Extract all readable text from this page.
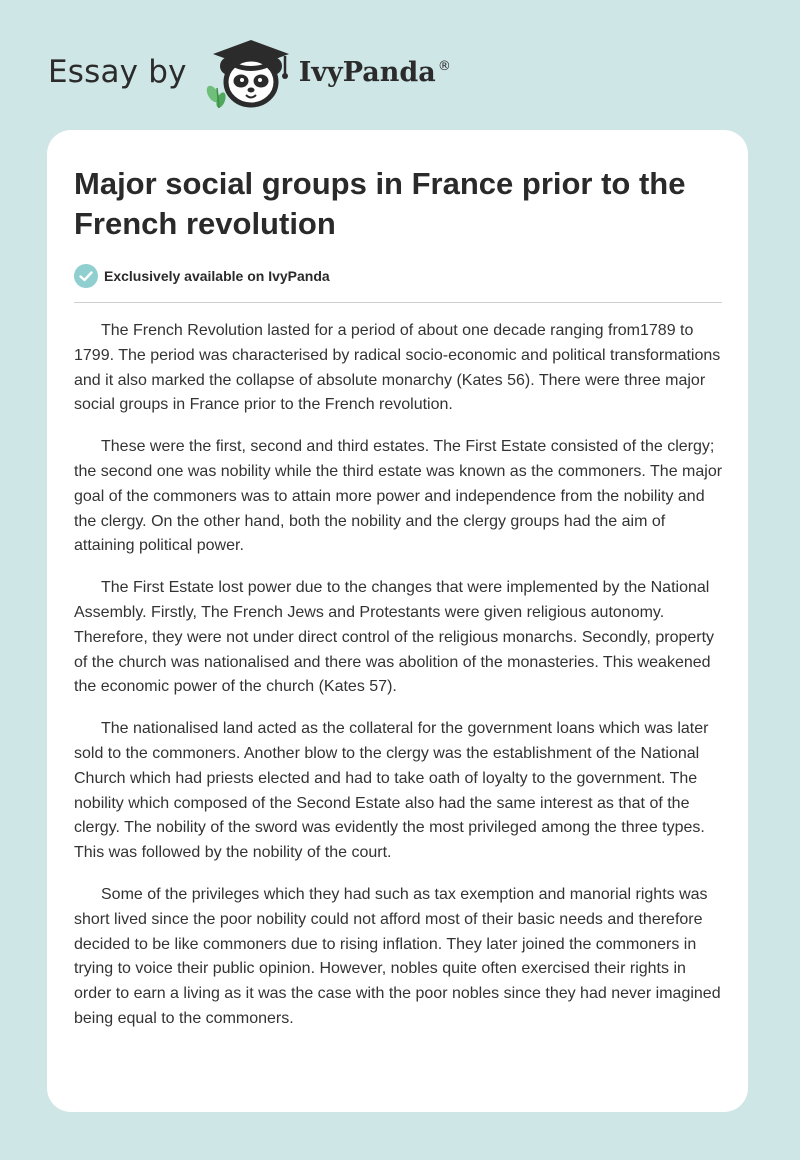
Essay by	IvyPanda ®
Major social groups in France prior to the French revolution
Exclusively available on IvyPanda

The French Revolution lasted for a period of about one decade ranging from1789 to 1799. The period was characterised by radical socio-economic and political transformations and it also marked the collapse of absolute monarchy (Kates 56). There were three major social groups in France prior to the French revolution.

These were the first, second and third estates. The First Estate consisted of the clergy; the second one was nobility while the third estate was known as the commoners. The major goal of the commoners was to attain more power and independence from the nobility and the clergy. On the other hand, both the nobility and the clergy groups had the aim of attaining political power.

The First Estate lost power due to the changes that were implemented by the National Assembly. Firstly, The French Jews and Protestants were given religious autonomy. Therefore, they were not under direct control of the religious monarchs. Secondly, property of the church was nationalised and there was abolition of the monasteries. This weakened the economic power of the church (Kates 57).

The nationalised land acted as the collateral for the government loans which was later sold to the commoners. Another blow to the clergy was the establishment of the National Church which had priests elected and had to take oath of loyalty to the government. The nobility which composed of the Second Estate also had the same interest as that of the clergy. The nobility of the sword was evidently the most privileged among the three types. This was followed by the nobility of the court.

Some of the privileges which they had such as tax exemption and manorial rights was short lived since the poor nobility could not afford most of their basic needs and therefore decided to be like commoners due to rising inflation. They later joined the commoners in trying to voice their public opinion. However, nobles quite often exercised their rights in order to earn a living as it was the case with the poor nobles since they had never imagined being equal to the commoners.
